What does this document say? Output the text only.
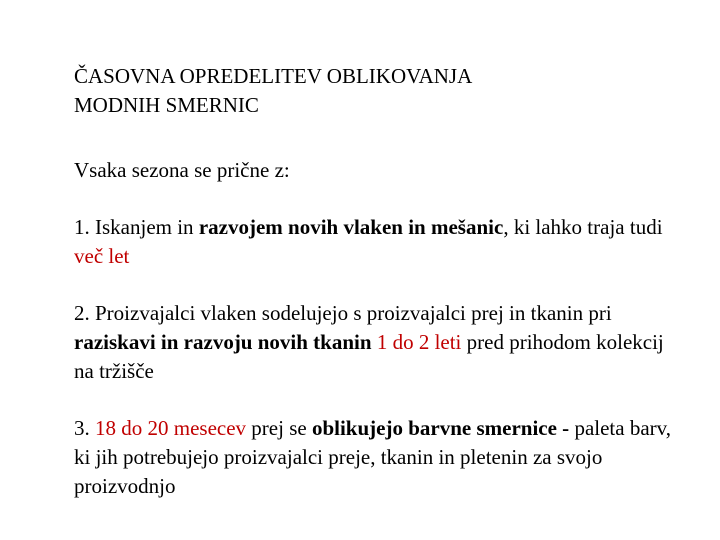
ČASOVNA OPREDELITEV OBLIKOVANJA
MODNIH SMERNIC
Vsaka sezona se prične z:
1. Iskanjem in razvojem novih vlaken in mešanic, ki lahko traja tudi več let
2. Proizvajalci vlaken sodelujejo s proizvajalci prej in tkanin pri raziskavi in razvoju novih tkanin 1 do 2 leti pred prihodom kolekcij na tržišče
3. 18 do 20 mesecev prej se oblikujejo barvne smernice - paleta barv, ki jih potrebujejo proizvajalci preje, tkanin in pletenin za svojo proizvodnjo
